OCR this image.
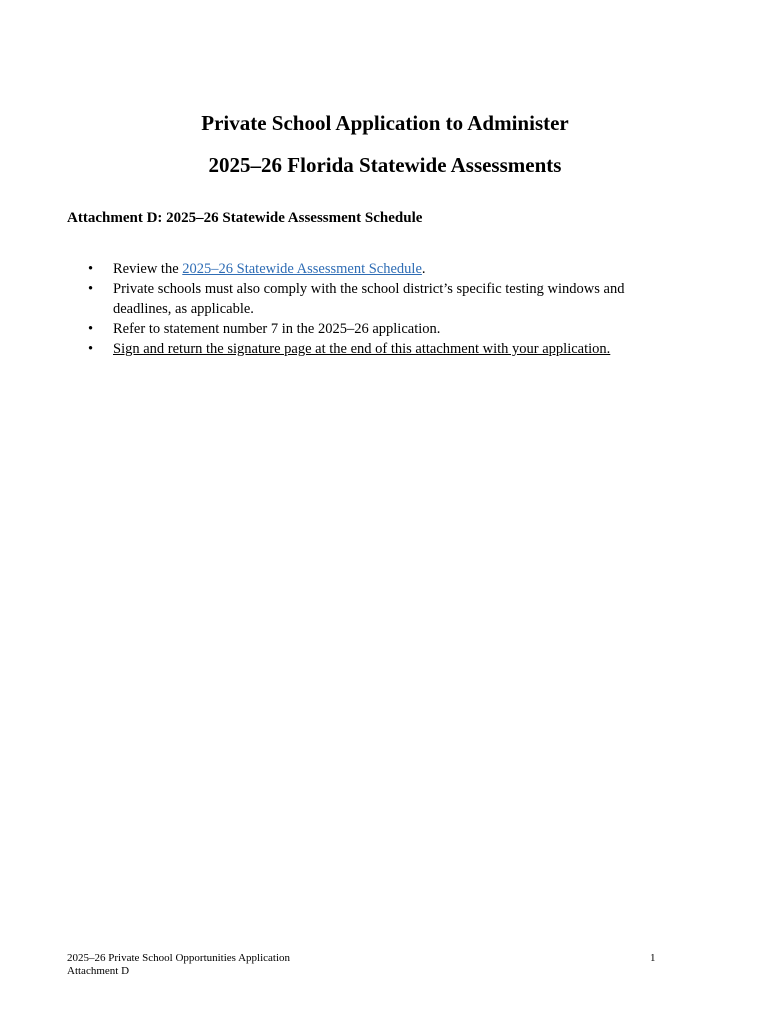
Private School Application to Administer
2025–26 Florida Statewide Assessments
Attachment D: 2025–26 Statewide Assessment Schedule
• Review the 2025–26 Statewide Assessment Schedule.
• Private schools must also comply with the school district’s specific testing windows and
deadlines, as applicable.
• Refer to statement number 7 in the 2025–26 application.
• Sign and return the signature page at the end of this attachment with your application.
2025–26 Private School Opportunities Application
Attachment D
1
